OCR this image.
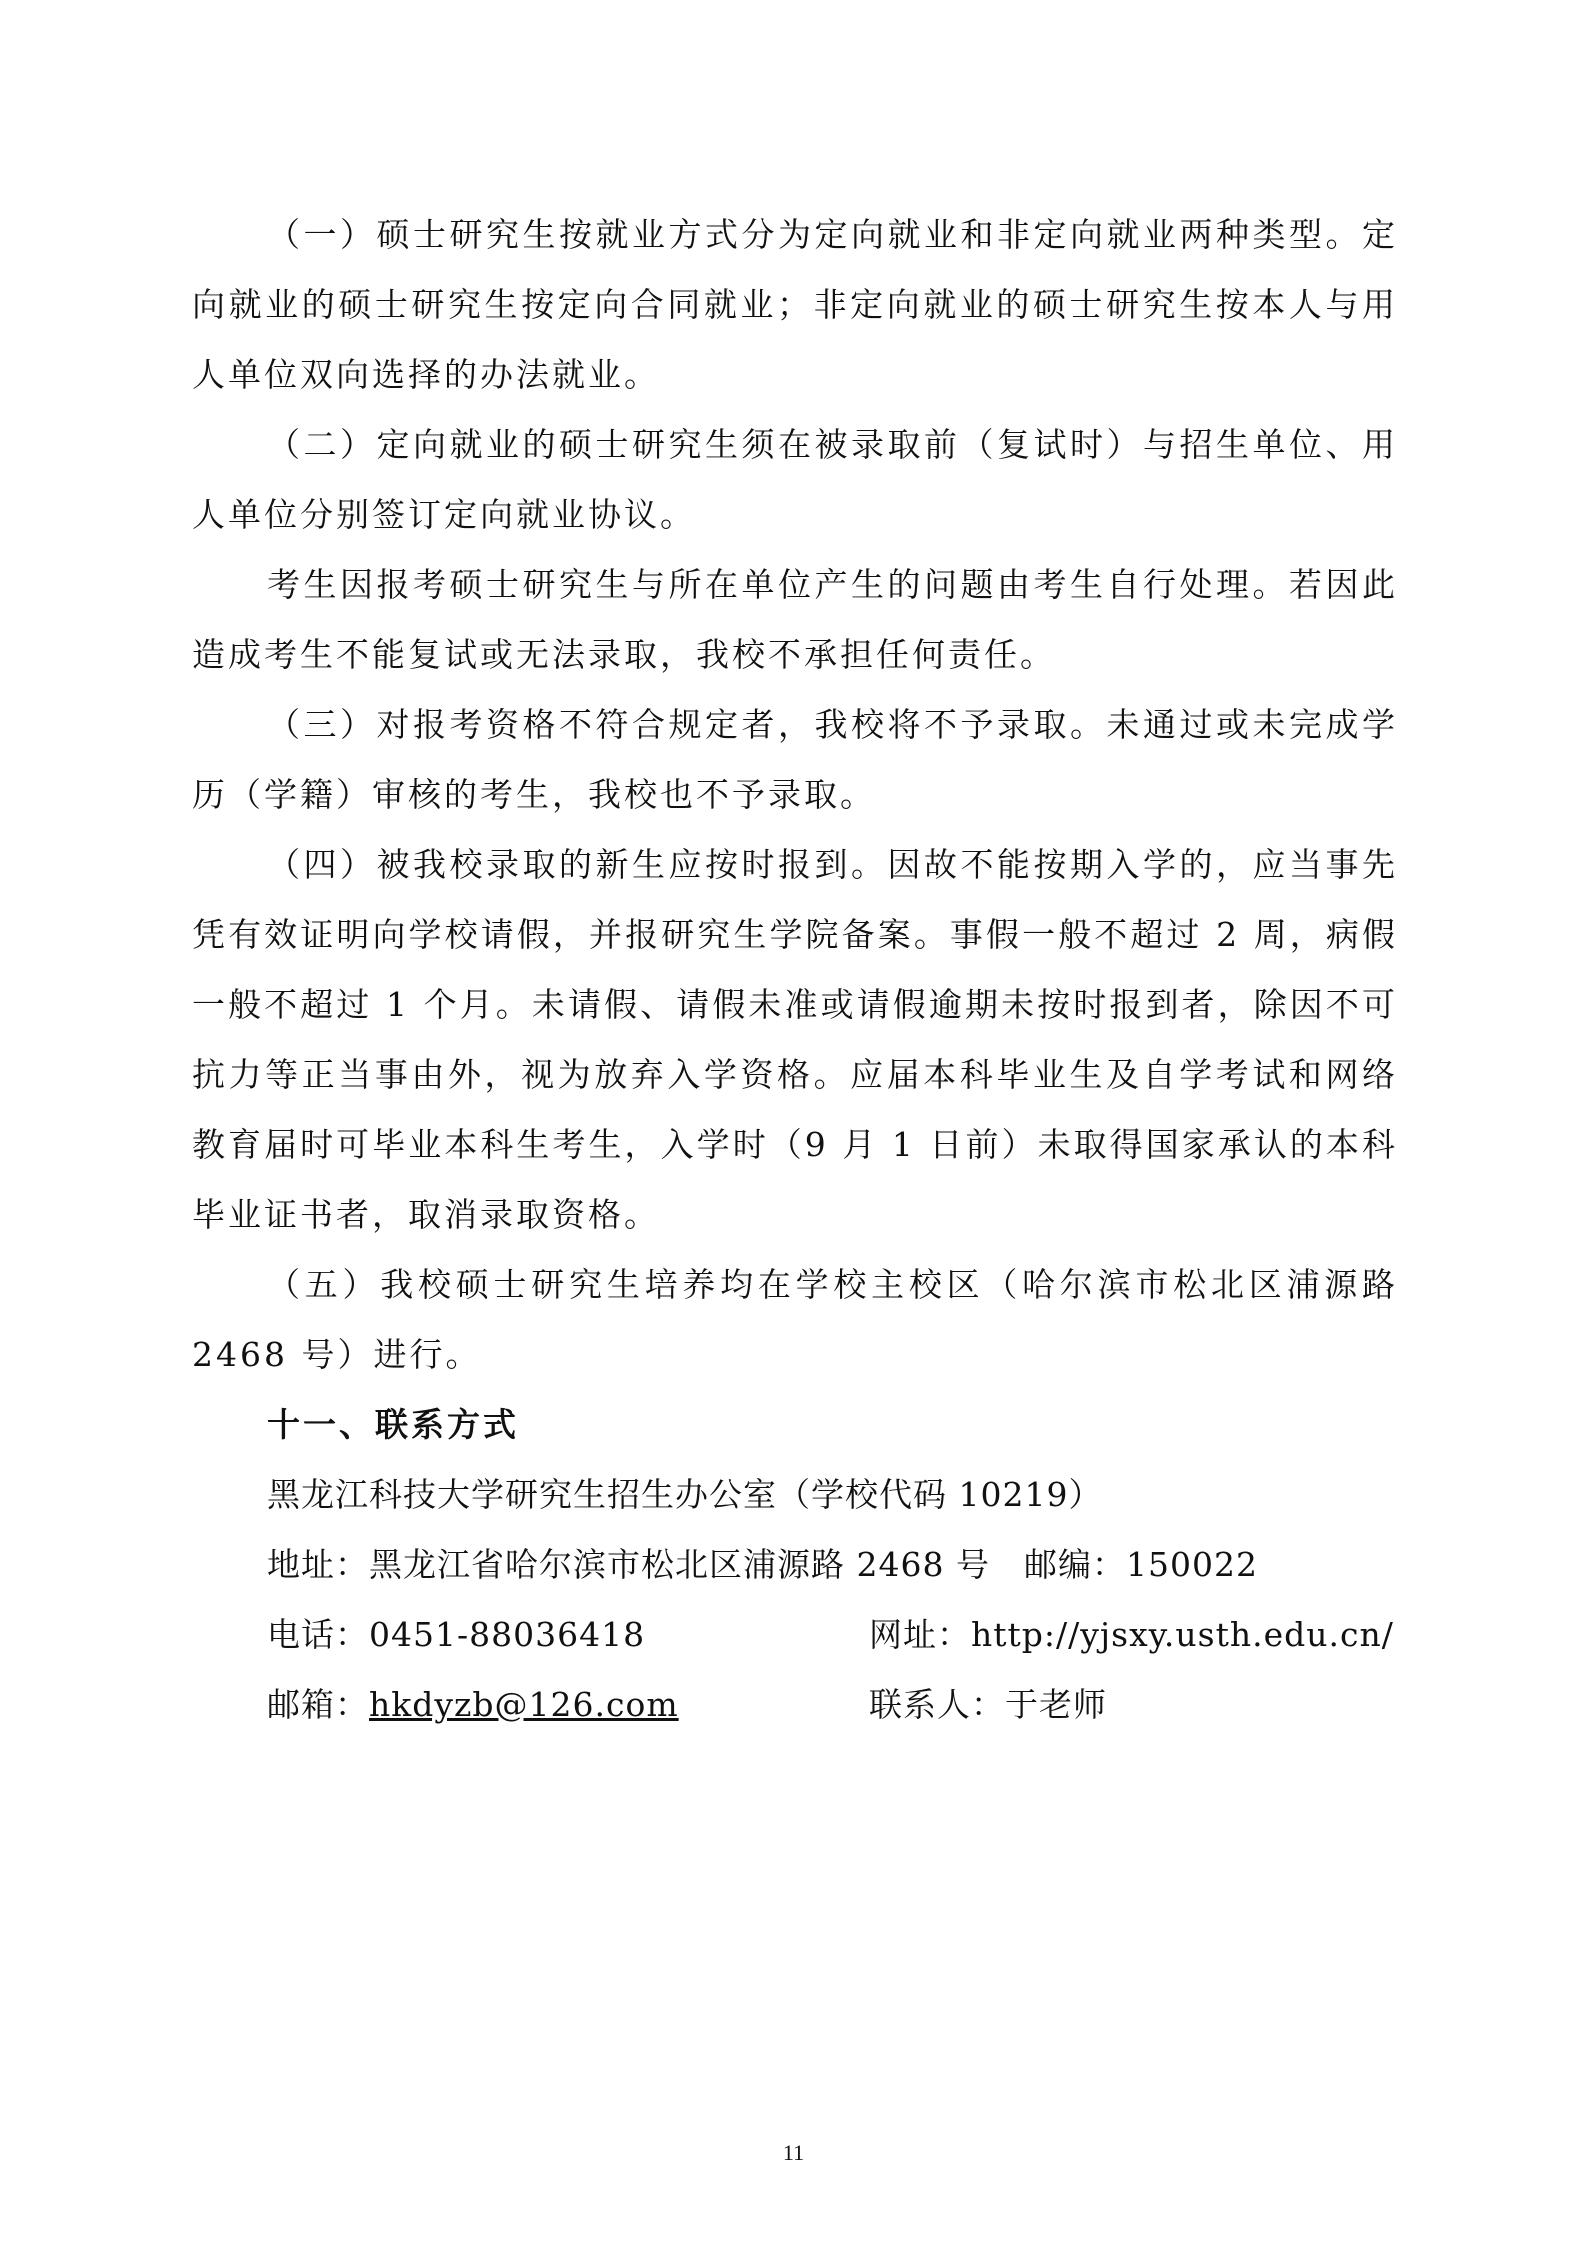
（一）硕士研究生按就业方式分为定向就业和非定向就业两种类型。定向就业的硕士研究生按定向合同就业；非定向就业的硕士研究生按本人与用人单位双向选择的办法就业。

（二）定向就业的硕士研究生须在被录取前（复试时）与招生单位、用人单位分别签订定向就业协议。

考生因报考硕士研究生与所在单位产生的问题由考生自行处理。若因此造成考生不能复试或无法录取，我校不承担任何责任。

（三）对报考资格不符合规定者，我校将不予录取。未通过或未完成学历（学籍）审核的考生，我校也不予录取。

（四）被我校录取的新生应按时报到。因故不能按期入学的，应当事先凭有效证明向学校请假，并报研究生学院备案。事假一般不超过 2 周，病假一般不超过 1 个月。未请假、请假未准或请假逾期未按时报到者，除因不可抗力等正当事由外，视为放弃入学资格。应届本科毕业生及自学考试和网络教育届时可毕业本科生考生，入学时（9 月 1 日前）未取得国家承认的本科毕业证书者，取消录取资格。

（五）我校硕士研究生培养均在学校主校区（哈尔滨市松北区浦源路 2468 号）进行。

十一、联系方式

黑龙江科技大学研究生招生办公室（学校代码 10219）

地址：黑龙江省哈尔滨市松北区浦源路 2468 号　邮编：150022

电话：0451-88036418	网址：http://yjsxy.usth.edu.cn/
邮箱：hkdyzb@126.com	联系人：于老师
11
